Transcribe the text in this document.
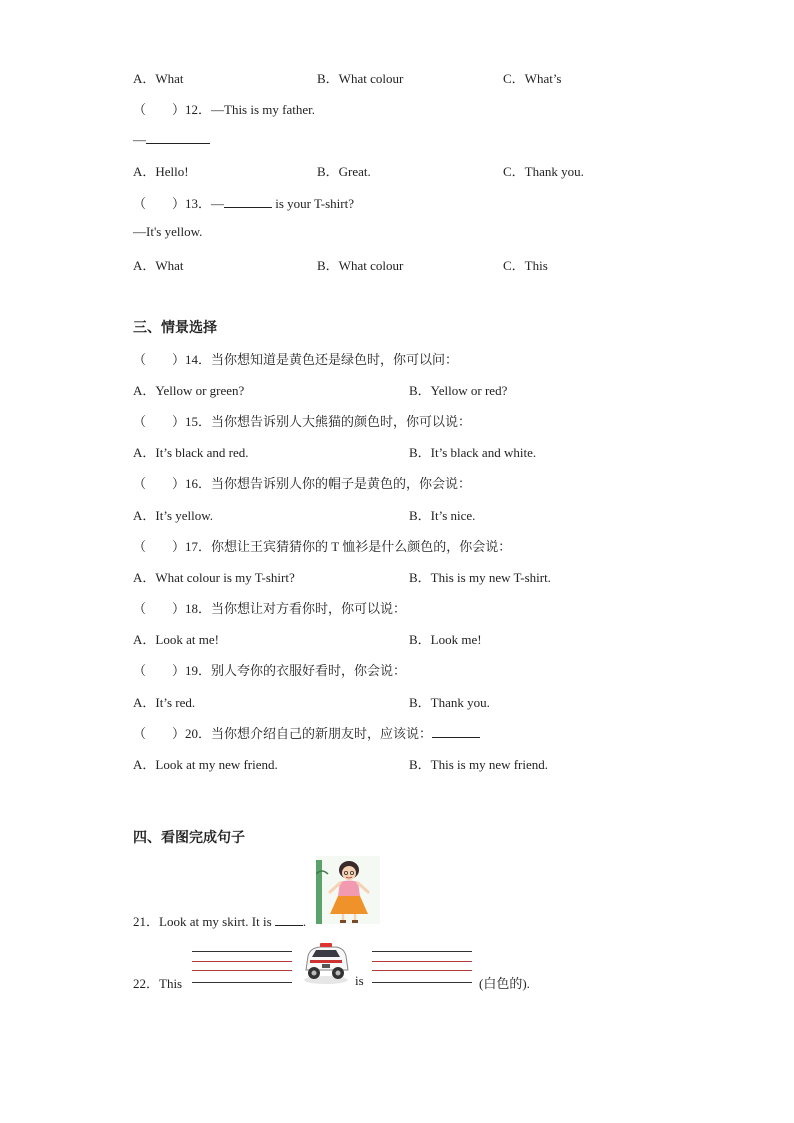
A．What	B．What colour	C．What’s
（　　）12．—This is my father.
—
A．Hello!	B．Great.	C．Thank you.
（　　）13．—	is your T-shirt?
—It's yellow.
A．What	B．What colour	C．This
三、情景选择
（　　）14．当你想知道是黄色还是绿色时，你可以问：
A．Yellow or green?	B．Yellow or red?
（　　）15．当你想告诉别人大熊猫的颜色时，你可以说：
A．It’s black and red.	B．It’s black and white.
（　　）16．当你想告诉别人你的帽子是黄色的，你会说：
A．It’s yellow.	B．It’s nice.
（　　）17．你想让王宾猜猜你的 T 恤衫是什么颜色的，你会说：
A．What colour is my T-shirt?	B．This is my new T-shirt.
（　　）18．当你想让对方看你时，你可以说：
A．Look at me!	B．Look me!
（　　）19．别人夸你的衣服好看时，你会说：
A．It’s red.	B．Thank you.
（　　）20．当你想介绍自己的新朋友时，应该说：
A．Look at my new friend.	B．This is my new friend.
四、看图完成句子
21．Look at my skirt. It is .
22．This	is	(白色的).
